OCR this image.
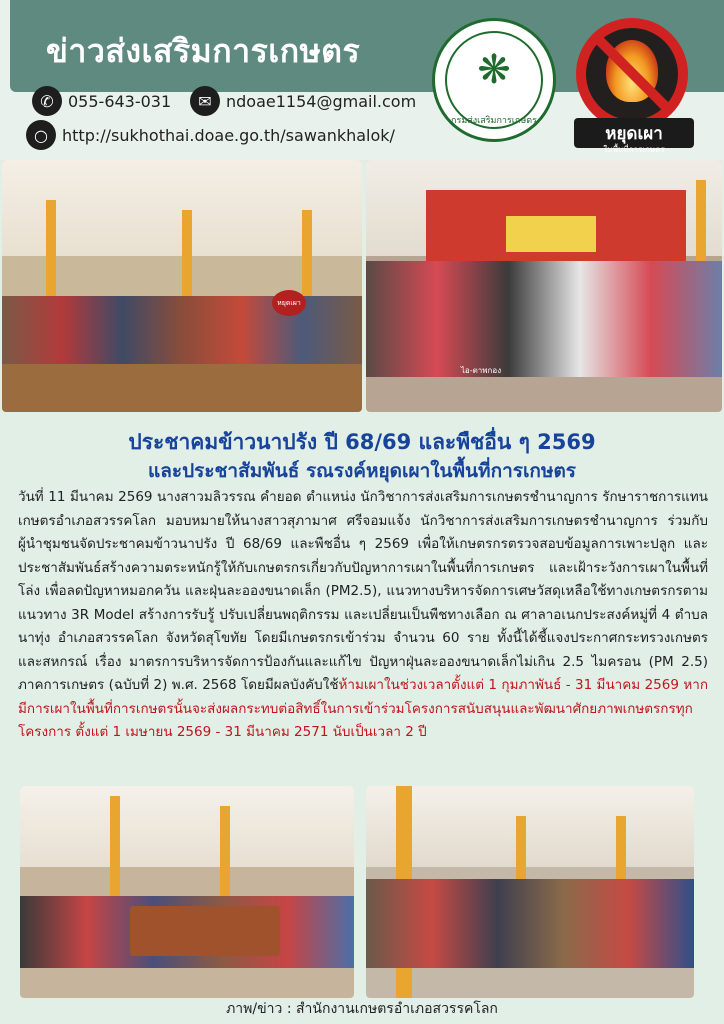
ข่าวส่งเสริมการเกษตร
✆ 055-643-031	✉ ndoae1154@gmail.com
○ http://sukhothai.doae.go.th/sawankhalok/
❋
กรมส่งเสริมการเกษตร
หยุดเผา
ในพื้นที่การเกษตร
หยุดเผา
ไอ-ตาพกอง
ประชาคมข้าวนาปรัง ปี 68/69 และพืชอื่น ๆ 2569
และประชาสัมพันธ์ รณรงค์หยุดเผาในพื้นที่การเกษตร
วันที่ 11 มีนาคม 2569 นางสาวมลิวรรณ คำยอด ตำแหน่ง นักวิชาการส่งเสริมการเกษตรชำนาญการ รักษาราชการแทนเกษตรอำเภอสวรรคโลก มอบหมายให้นางสาวสุภามาศ ศรีจอมแจ้ง นักวิชาการส่งเสริมการเกษตรชำนาญการ ร่วมกับผู้นำชุมชนจัดประชาคมข้าวนาปรัง ปี 68/69 และพืชอื่น ๆ 2569 เพื่อให้เกษตรกรตรวจสอบข้อมูลการเพาะปลูก และประชาสัมพันธ์สร้างความตระหนักรู้ให้กับเกษตรกรเกี่ยวกับปัญหาการเผาในพื้นที่การเกษตร และเฝ้าระวังการเผาในพื้นที่โล่ง เพื่อลดปัญหาหมอกควัน และฝุ่นละอองขนาดเล็ก (PM2.5), แนวทางบริหารจัดการเศษวัสดุเหลือใช้ทางเกษตรกรตามแนวทาง 3R Model สร้างการรับรู้ ปรับเปลี่ยนพฤติกรรม และเปลี่ยนเป็นพืชทางเลือก ณ ศาลาอเนกประสงค์หมู่ที่ 4 ตำบลนาทุ่ง อำเภอสวรรคโลก จังหวัดสุโขทัย โดยมีเกษตรกรเข้าร่วม จำนวน 60 ราย ทั้งนี้ได้ชี้แจงประกาศกระทรวงเกษตรและสหกรณ์ เรื่อง มาตรการบริหารจัดการป้องกันและแก้ไข ปัญหาฝุ่นละอองขนาดเล็กไม่เกิน 2.5 ไมครอน (PM 2.5) ภาคการเกษตร (ฉบับที่ 2) พ.ศ. 2568 โดยมีผลบังคับใช้ห้ามเผาในช่วงเวลาตั้งแต่ 1 กุมภาพันธ์ - 31 มีนาคม 2569 หากมีการเผาในพื้นที่การเกษตรนั้นจะส่งผลกระทบต่อสิทธิ์ในการเข้าร่วมโครงการสนับสนุนและพัฒนาศักยภาพเกษตรกรทุกโครงการ ตั้งแต่ 1 เมษายน 2569 - 31 มีนาคม 2571 นับเป็นเวลา 2 ปี
ภาพ/ข่าว : สำนักงานเกษตรอำเภอสวรรคโลก
